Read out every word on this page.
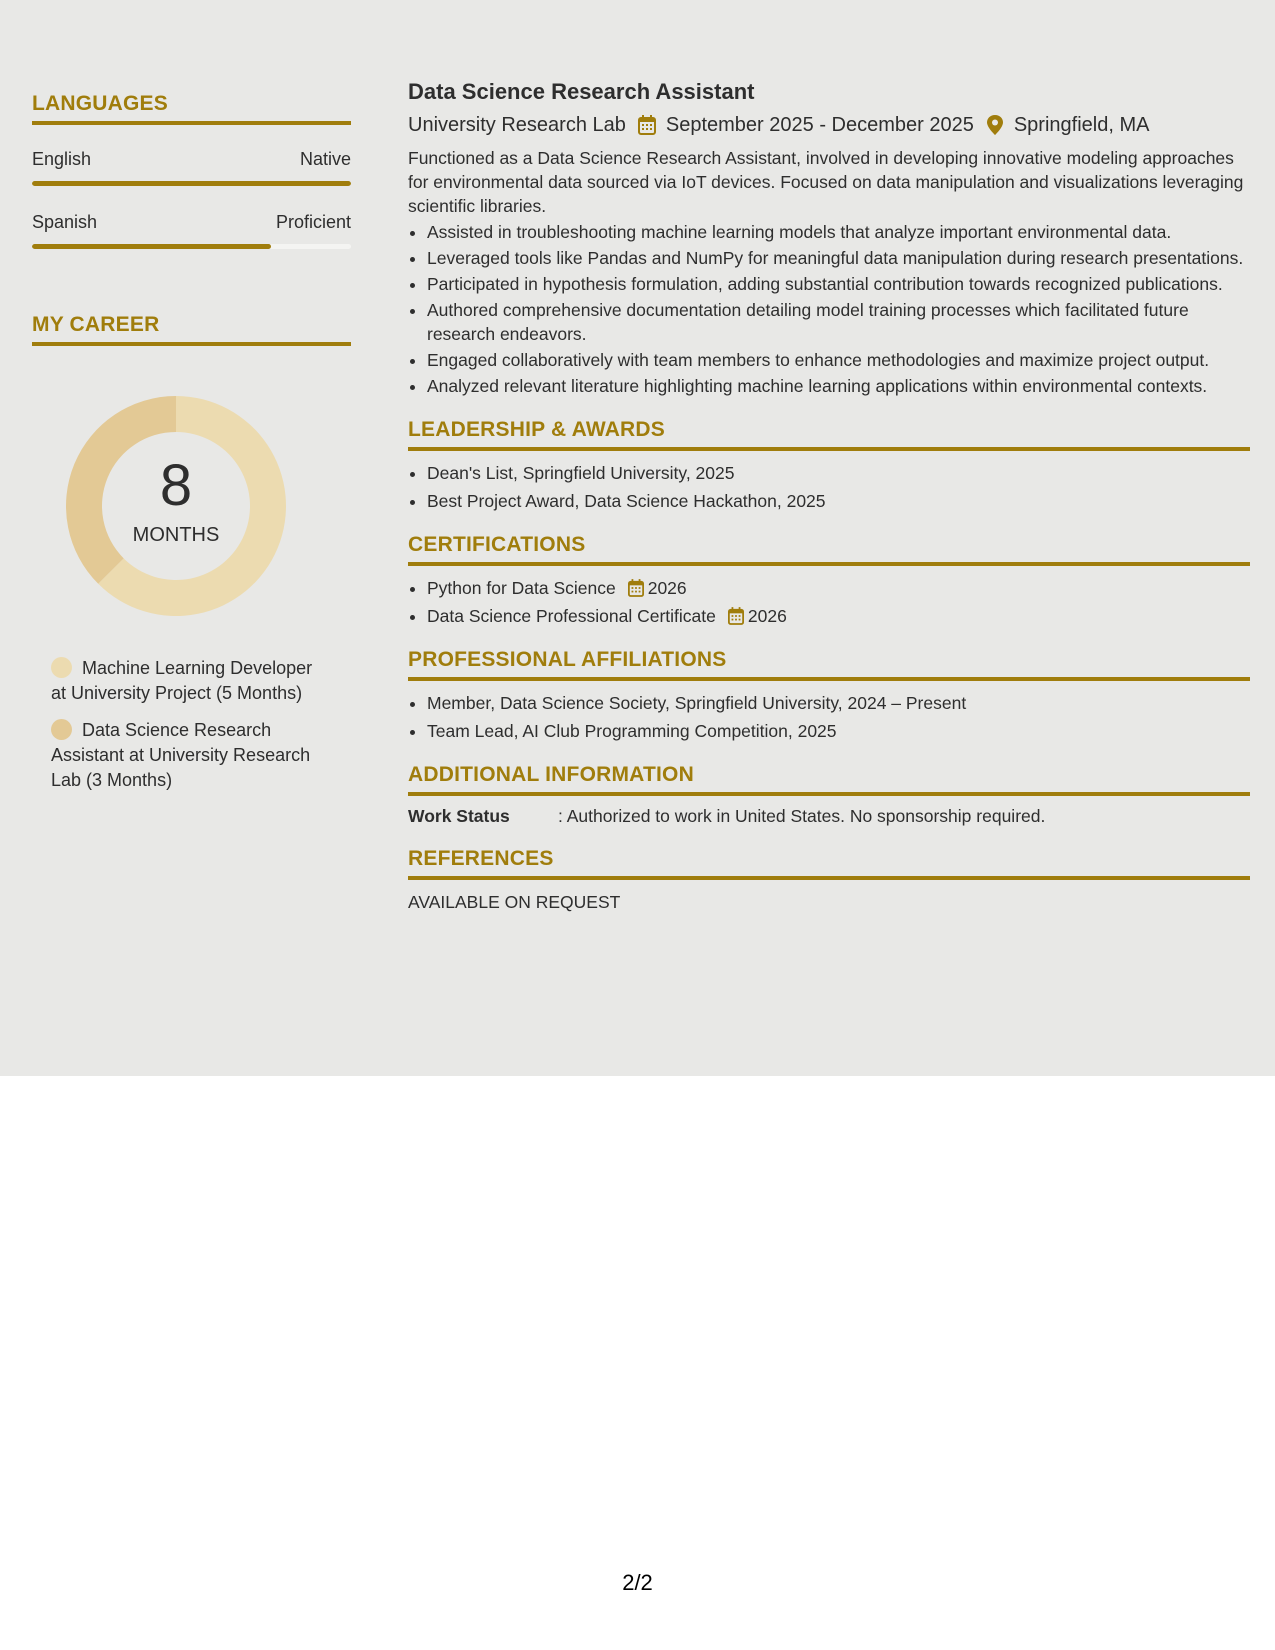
LANGUAGES
English	Native
Spanish	Proficient
MY CAREER
8
MONTHS
Machine Learning Developer at University Project (5 Months)
Data Science Research Assistant at University Research Lab (3 Months)
Data Science Research Assistant
University Research Lab September 2025 - December 2025 Springfield, MA
Functioned as a Data Science Research Assistant, involved in developing innovative modeling approaches for environmental data sourced via IoT devices. Focused on data manipulation and visualizations leveraging scientific libraries.
• Assisted in troubleshooting machine learning models that analyze important environmental data.
• Leveraged tools like Pandas and NumPy for meaningful data manipulation during research presentations.
• Participated in hypothesis formulation, adding substantial contribution towards recognized publications.
• Authored comprehensive documentation detailing model training processes which facilitated future research endeavors.
• Engaged collaboratively with team members to enhance methodologies and maximize project output.
• Analyzed relevant literature highlighting machine learning applications within environmental contexts.
LEADERSHIP & AWARDS
• Dean's List, Springfield University, 2025
• Best Project Award, Data Science Hackathon, 2025
CERTIFICATIONS
• Python for Data Science 2026
• Data Science Professional Certificate 2026
PROFESSIONAL AFFILIATIONS
• Member, Data Science Society, Springfield University, 2024 – Present
• Team Lead, AI Club Programming Competition, 2025
ADDITIONAL INFORMATION
Work Status	: Authorized to work in United States. No sponsorship required.
REFERENCES
AVAILABLE ON REQUEST
2/2
